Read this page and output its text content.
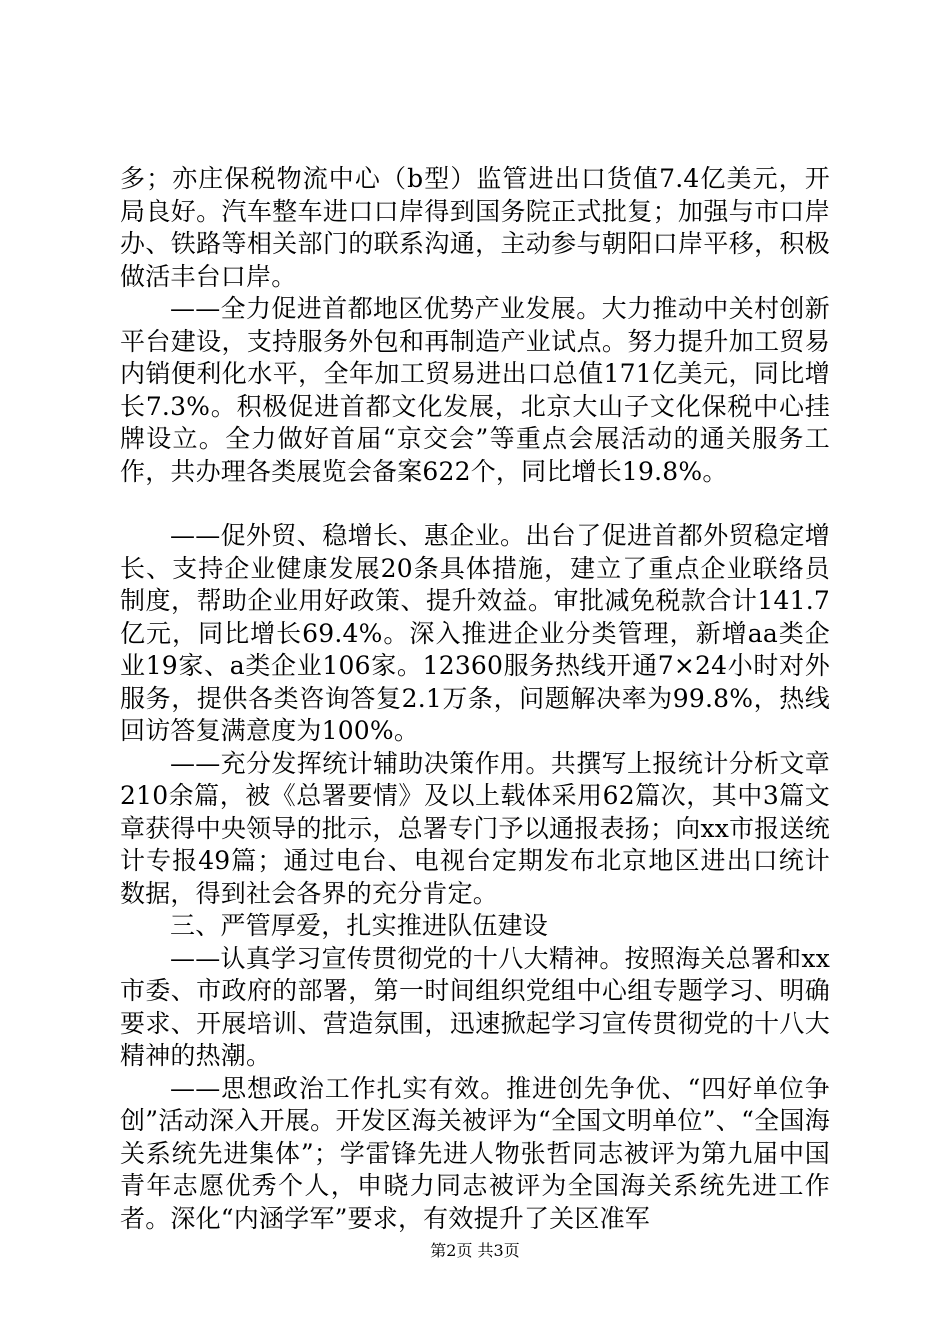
多；亦庄保税物流中心（b型）监管进出口货值7.4亿美元，开局良好。汽车整车进口口岸得到国务院正式批复；加强与市口岸办、铁路等相关部门的联系沟通，主动参与朝阳口岸平移，积极做活丰台口岸。

——全力促进首都地区优势产业发展。大力推动中关村创新平台建设，支持服务外包和再制造产业试点。努力提升加工贸易内销便利化水平，全年加工贸易进出口总值171亿美元，同比增长7.3%。积极促进首都文化发展，北京大山子文化保税中心挂牌设立。全力做好首届“京交会”等重点会展活动的通关服务工作，共办理各类展览会备案622个，同比增长19.8%。

——促外贸、稳增长、惠企业。出台了促进首都外贸稳定增长、支持企业健康发展20条具体措施，建立了重点企业联络员制度，帮助企业用好政策、提升效益。审批减免税款合计141.7亿元，同比增长69.4%。深入推进企业分类管理，新增aa类企业19家、a类企业106家。12360服务热线开通7×24小时对外服务，提供各类咨询答复2.1万条，问题解决率为99.8%，热线回访答复满意度为100%。

——充分发挥统计辅助决策作用。共撰写上报统计分析文章210余篇，被《总署要情》及以上载体采用62篇次，其中3篇文章获得中央领导的批示，总署专门予以通报表扬；向xx市报送统计专报49篇；通过电台、电视台定期发布北京地区进出口统计数据，得到社会各界的充分肯定。

三、严管厚爱，扎实推进队伍建设

——认真学习宣传贯彻党的十八大精神。按照海关总署和xx市委、市政府的部署，第一时间组织党组中心组专题学习、明确要求、开展培训、营造氛围，迅速掀起学习宣传贯彻党的十八大精神的热潮。

——思想政治工作扎实有效。推进创先争优、“四好单位争创”活动深入开展。开发区海关被评为“全国文明单位”、“全国海关系统先进集体”；学雷锋先进人物张哲同志被评为第九届中国青年志愿优秀个人，申晓力同志被评为全国海关系统先进工作者。深化“内涵学军”要求，有效提升了关区准军

第2页 共3页
